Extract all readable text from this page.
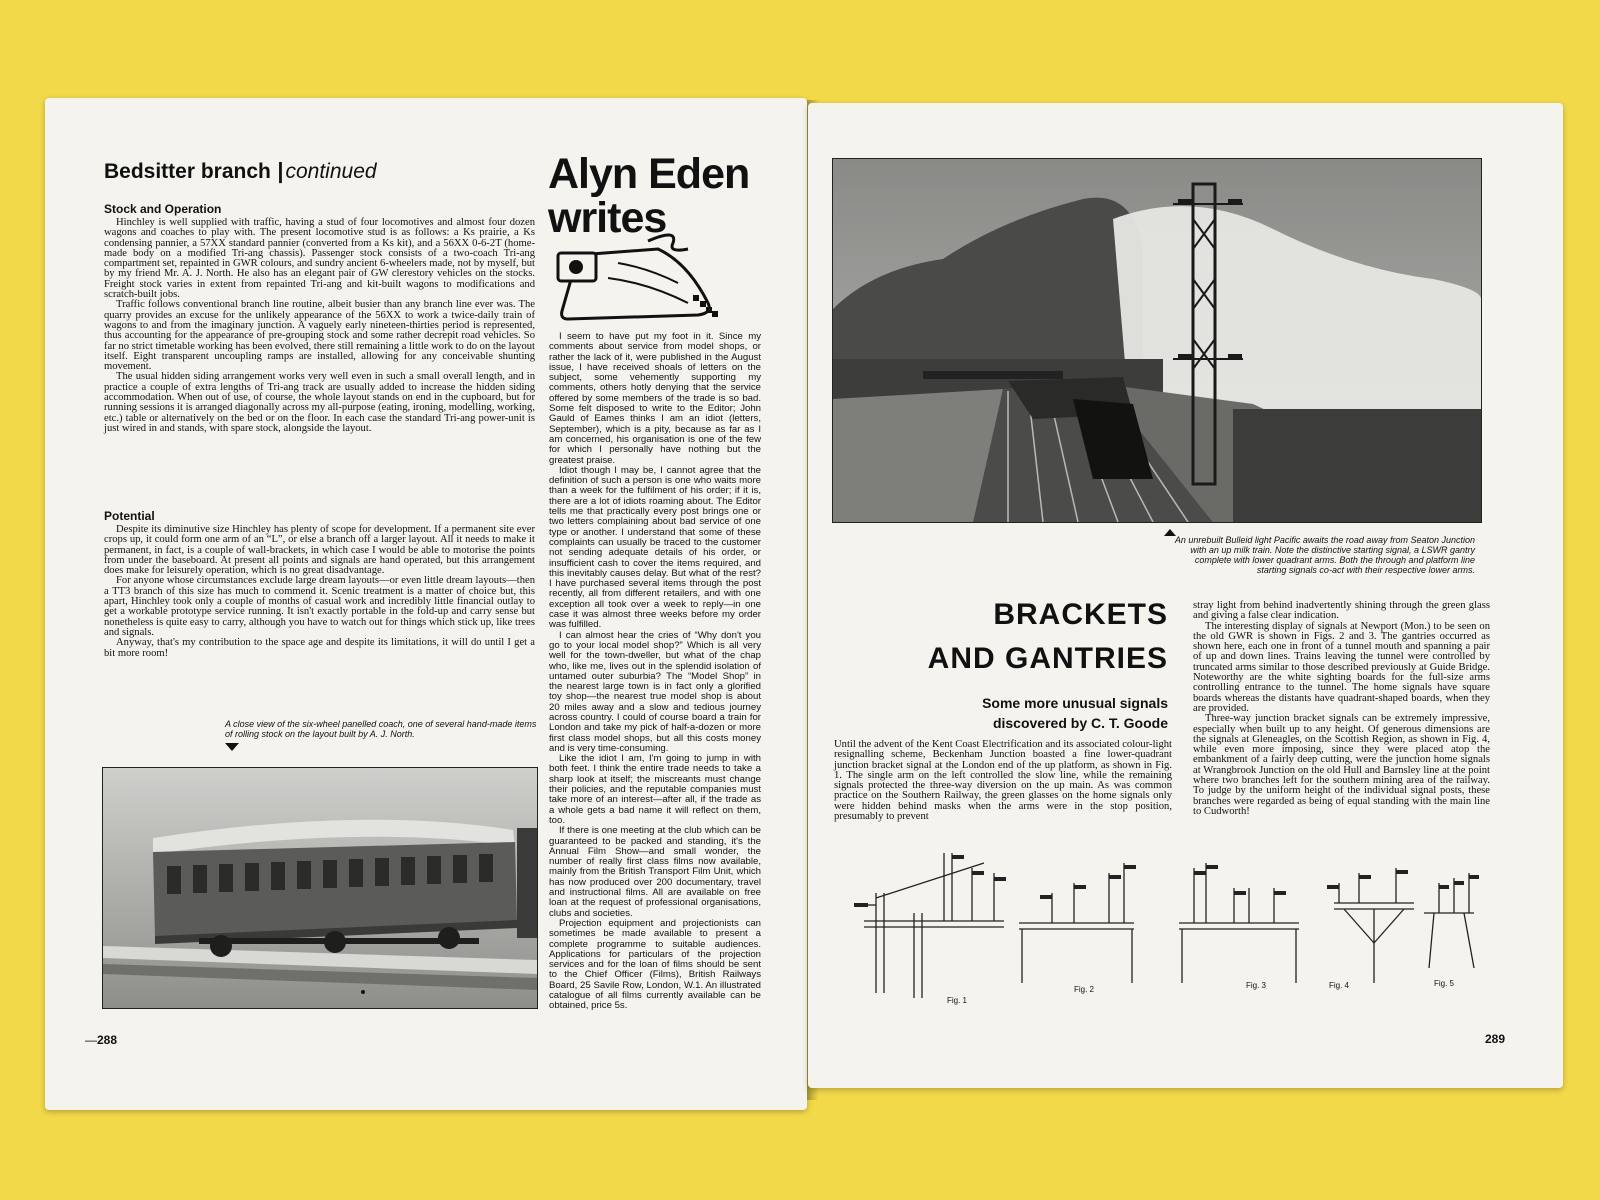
Bedsitter branch |continued
Stock and Operation

Hinchley is well supplied with traffic, having a stud of four locomotives and almost four dozen wagons and coaches to play with. The present locomotive stud is as follows: a Ks prairie, a Ks condensing pannier, a 57XX standard pannier (converted from a Ks kit), and a 56XX 0-6-2T (home-made body on a modified Tri-ang chassis). Passenger stock consists of a two-coach Tri-ang compartment set, repainted in GWR colours, and sundry ancient 6-wheelers made, not by myself, but by my friend Mr. A. J. North. He also has an elegant pair of GW clerestory vehicles on the stocks. Freight stock varies in extent from repainted Tri-ang and kit-built wagons to modifications and scratch-built jobs.

Traffic follows conventional branch line routine, albeit busier than any branch line ever was. The quarry provides an excuse for the unlikely appearance of the 56XX to work a twice-daily train of wagons to and from the imaginary junction. A vaguely early nineteen-thirties period is represented, thus accounting for the appearance of pre-grouping stock and some rather decrepit road vehicles. So far no strict timetable working has been evolved, there still remaining a little work to do on the layout itself. Eight transparent uncoupling ramps are installed, allowing for any conceivable shunting movement.

The usual hidden siding arrangement works very well even in such a small overall length, and in practice a couple of extra lengths of Tri-ang track are usually added to increase the hidden siding accommodation. When out of use, of course, the whole layout stands on end in the cupboard, but for running sessions it is arranged diagonally across my all-purpose (eating, ironing, modelling, working, etc.) table or alternatively on the bed or on the floor. In each case the standard Tri-ang power-unit is just wired in and stands, with spare stock, alongside the layout.

Potential

Despite its diminutive size Hinchley has plenty of scope for development. If a permanent site ever crops up, it could form one arm of an “L”, or else a branch off a larger layout. All it needs to make it permanent, in fact, is a couple of wall-brackets, in which case I would be able to motorise the points from under the baseboard. At present all points and signals are hand operated, but this arrangement does make for leisurely operation, which is no great disadvantage.

For anyone whose circumstances exclude large dream layouts—or even little dream layouts—then a TT3 branch of this size has much to commend it. Scenic treatment is a matter of choice but, this apart, Hinchley took only a couple of months of casual work and incredibly little financial outlay to get a workable prototype service running. It isn't exactly portable in the fold-up and carry sense but nonetheless is quite easy to carry, although you have to watch out for things which stick up, like trees and signals.

Anyway, that's my contribution to the space age and despite its limitations, it will do until I get a bit more room!

A close view of the six-wheel panelled coach, one of several hand-made items of rolling stock on the layout built by A. J. North.
—288
Alyn Eden
writes

I seem to have put my foot in it. Since my comments about service from model shops, or rather the lack of it, were published in the August issue, I have received shoals of letters on the subject, some vehemently supporting my comments, others hotly denying that the service offered by some members of the trade is so bad. Some felt disposed to write to the Editor; John Gauld of Eames thinks I am an idiot (letters, September), which is a pity, because as far as I am concerned, his organisation is one of the few for which I personally have nothing but the greatest praise.

Idiot though I may be, I cannot agree that the definition of such a person is one who waits more than a week for the fulfilment of his order; if it is, there are a lot of idiots roaming about. The Editor tells me that practically every post brings one or two letters complaining about bad service of one type or another. I understand that some of these complaints can usually be traced to the customer not sending adequate details of his order, or insufficient cash to cover the items required, and this inevitably causes delay. But what of the rest? I have purchased several items through the post recently, all from different retailers, and with one exception all took over a week to reply—in one case it was almost three weeks before my order was fulfilled.

I can almost hear the cries of “Why don't you go to your local model shop?” Which is all very well for the town-dweller, but what of the chap who, like me, lives out in the splendid isolation of untamed outer suburbia? The “Model Shop” in the nearest large town is in fact only a glorified toy shop—the nearest true model shop is about 20 miles away and a slow and tedious journey across country. I could of course board a train for London and take my pick of half-a-dozen or more first class model shops, but all this costs money and is very time-consuming.

Like the idiot I am, I'm going to jump in with both feet. I think the entire trade needs to take a sharp look at itself; the miscreants must change their policies, and the reputable companies must take more of an interest—after all, if the trade as a whole gets a bad name it will reflect on them, too.

If there is one meeting at the club which can be guaranteed to be packed and standing, it's the Annual Film Show—and small wonder, the number of really first class films now available, mainly from the British Transport Film Unit, which has now produced over 200 documentary, travel and instructional films. All are available on free loan at the request of professional organisations, clubs and societies.

Projection equipment and projectionists can sometimes be made available to present a complete programme to suitable audiences. Applications for particulars of the projection services and for the loan of films should be sent to the Chief Officer (Films), British Railways Board, 25 Savile Row, London, W.1. An illustrated catalogue of all films currently available can be obtained, price 5s.

An unrebuilt Bulleid light Pacific awaits the road away from Seaton Junction with an up milk train. Note the distinctive starting signal, a LSWR gantry complete with lower quadrant arms. Both the through and platform line starting signals co-act with their respective lower arms.
BRACKETS
AND GANTRIES
Some more unusual signals
discovered by C. T. Goode

Until the advent of the Kent Coast Electrification and its associated colour-light resignalling scheme, Beckenham Junction boasted a fine lower-quadrant junction bracket signal at the London end of the up platform, as shown in Fig. 1. The single arm on the left controlled the slow line, while the remaining signals protected the three-way diversion on the up main. As was common practice on the Southern Railway, the green glasses on the home signals only were hidden behind masks when the arms were in the stop position, presumably to prevent

stray light from behind inadvertently shining through the green glass and giving a false clear indication.

The interesting display of signals at Newport (Mon.) to be seen on the old GWR is shown in Figs. 2 and 3. The gantries occurred as shown here, each one in front of a tunnel mouth and spanning a pair of up and down lines. Trains leaving the tunnel were controlled by truncated arms similar to those described previously at Guide Bridge. Noteworthy are the white sighting boards for the full-size arms controlling entrance to the tunnel. The home signals have square boards whereas the distants have quadrant-shaped boards, when they are provided.

Three-way junction bracket signals can be extremely impressive, especially when built up to any height. Of generous dimensions are the signals at Gleneagles, on the Scottish Region, as shown in Fig. 4, while even more imposing, since they were placed atop the embankment of a fairly deep cutting, were the junction home signals at Wrangbrook Junction on the old Hull and Barnsley line at the point where two branches left for the southern mining area of the railway. To judge by the uniform height of the individual signal posts, these branches were regarded as being of equal standing with the main line to Cudworth!

Fig. 1
Fig. 2	Fig. 3	Fig. 4	Fig. 5
289
